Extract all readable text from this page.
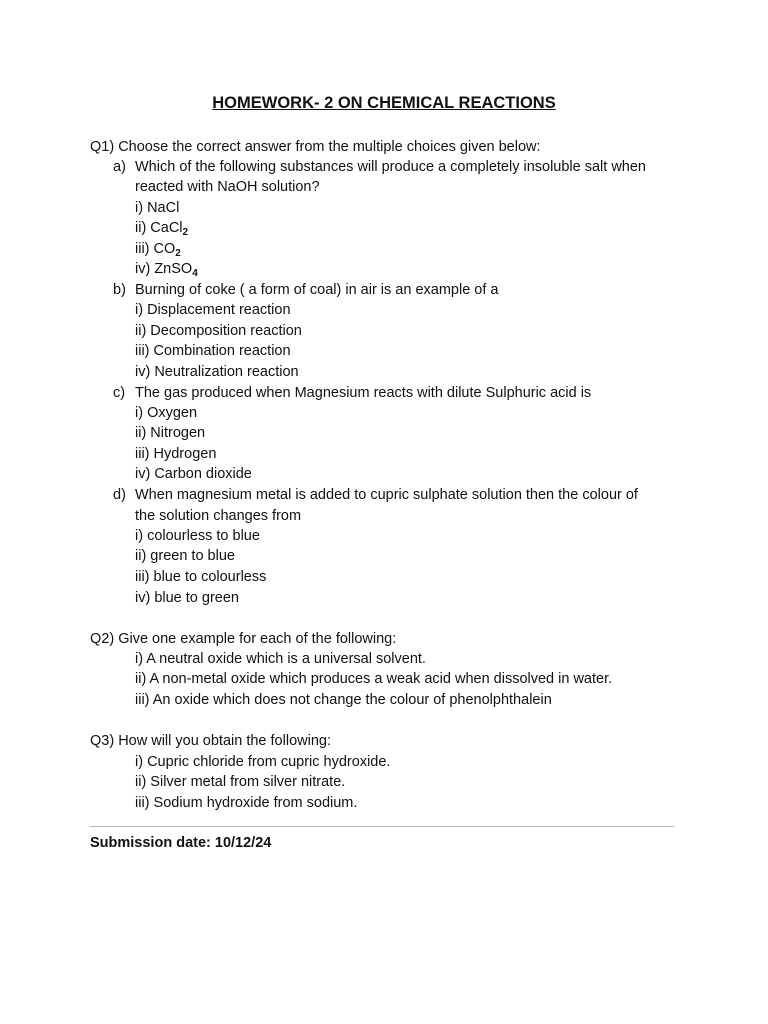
HOMEWORK- 2 ON CHEMICAL REACTIONS
Q1) Choose the correct answer from the multiple choices given below:
a) Which of the following substances will produce a completely insoluble salt when
reacted with NaOH solution?
i) NaCl
ii) CaCl$_2$
iii) $CO_2$
iv) ZnSO$_4$
b) Burning of coke ( a form of coal) in air is an example of a
i) Displacement reaction
ii) Decomposition reaction
iii) Combination reaction
iv) Neutralization reaction
c) The gas produced when Magnesium reacts with dilute Sulphuric acid is
i) Oxygen
ii) Nitrogen
iii) Hydrogen
iv) Carbon dioxide
d) When magnesium metal is added to cupric sulphate solution then the colour of
the solution changes from
i) colourless to blue
ii) green to blue
iii) blue to colourless
iv) blue to green
Q2) Give one example for each of the following:
i) A neutral oxide which is a universal solvent.
ii) A non-metal oxide which produces a weak acid when dissolved in water.
iii) An oxide which does not change the colour of phenolphthalein
Q3) How will you obtain the following:
i) Cupric chloride from cupric hydroxide.
ii) Silver metal from silver nitrate.
iii) Sodium hydroxide from sodium.
Submission date: 10/12/24
